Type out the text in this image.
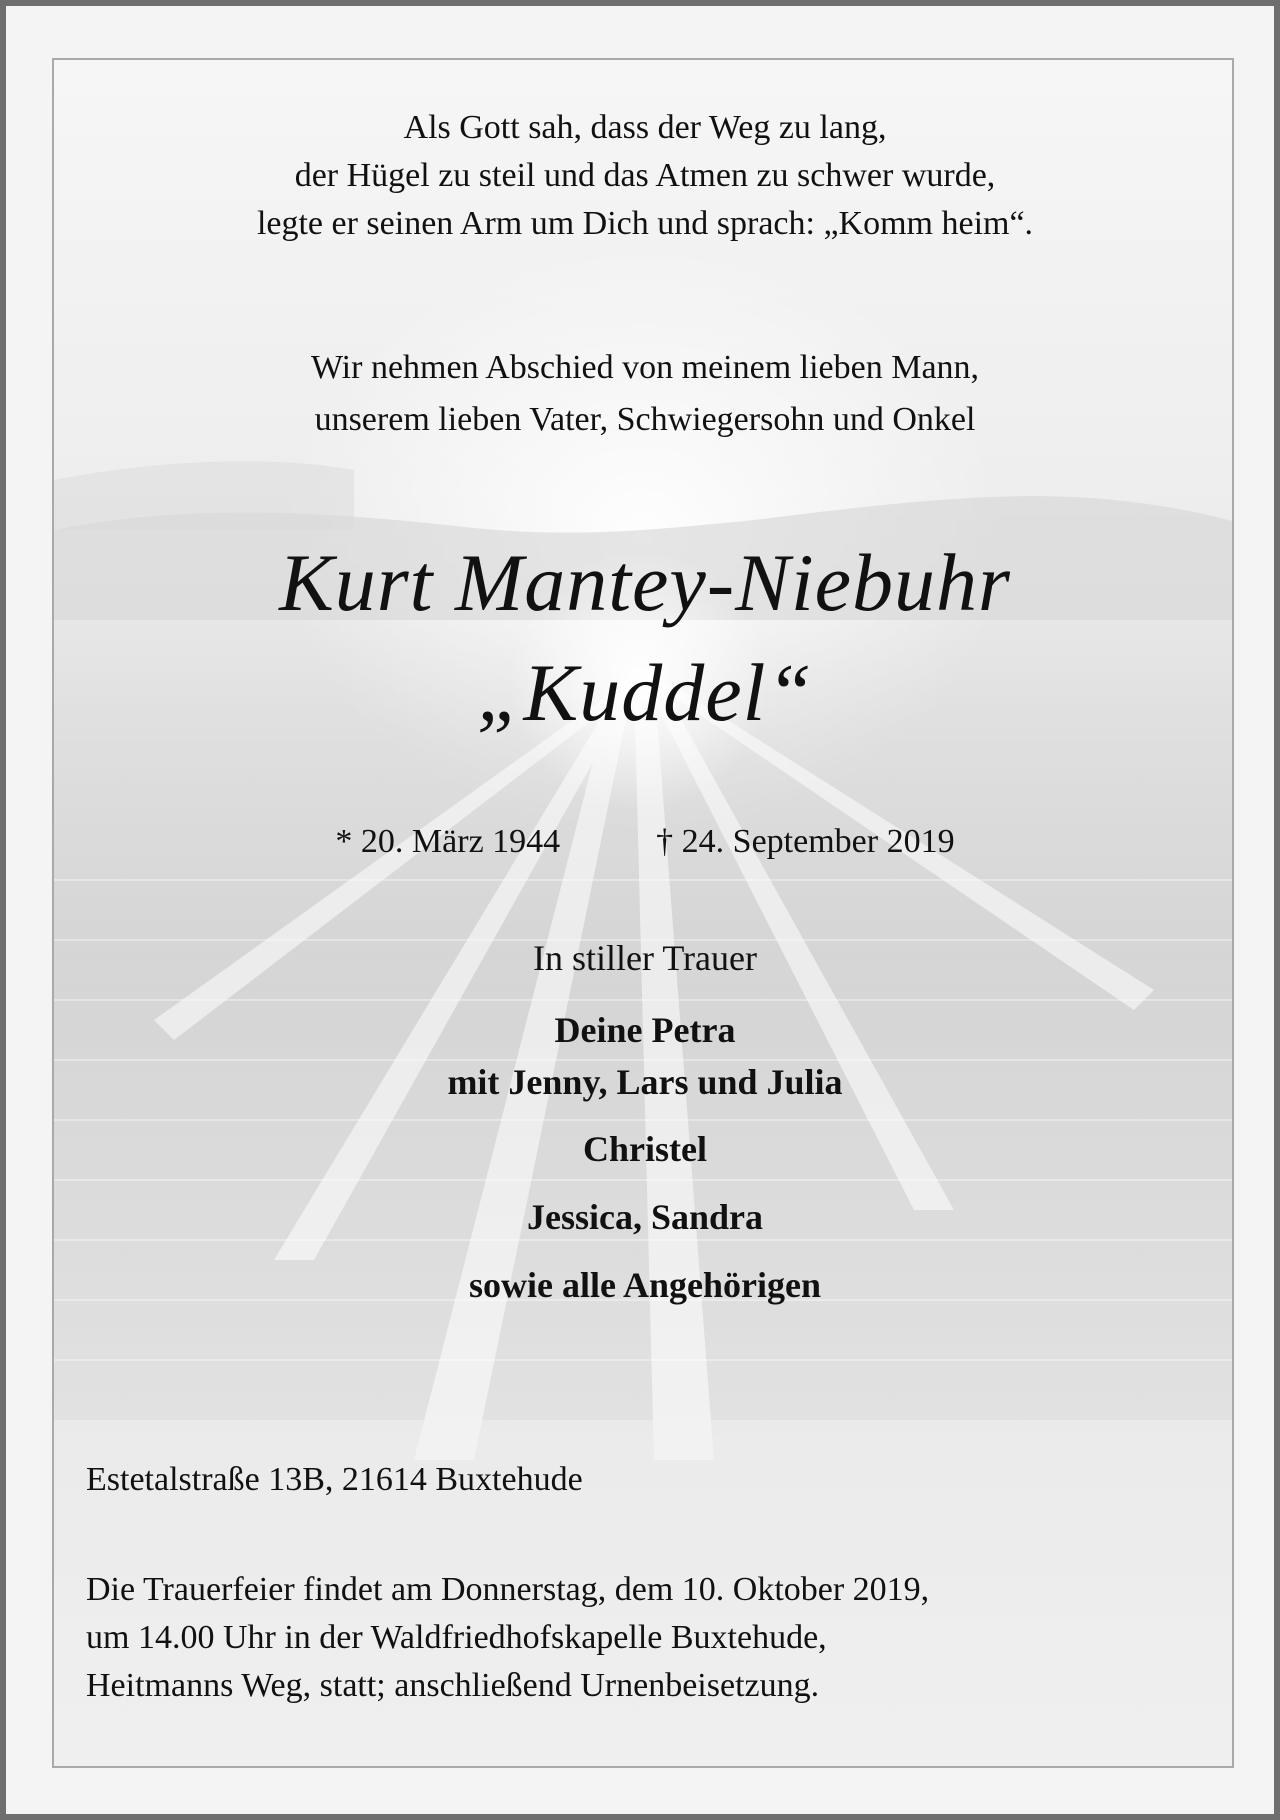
Als Gott sah, dass der Weg zu lang,
der Hügel zu steil und das Atmen zu schwer wurde,
legte er seinen Arm um Dich und sprach: „Komm heim“.
Wir nehmen Abschied von meinem lieben Mann,
unserem lieben Vater, Schwiegersohn und Onkel
Kurt Mantey-Niebuhr
„Kuddel“
* 20. März 1944	† 24. September 2019
In stiller Trauer
Deine Petra
mit Jenny, Lars und Julia
Christel
Jessica, Sandra
sowie alle Angehörigen
Estetalstraße 13B, 21614 Buxtehude
Die Trauerfeier findet am Donnerstag, dem 10. Oktober 2019,
um 14.00 Uhr in der Waldfriedhofskapelle Buxtehude,
Heitmanns Weg, statt; anschließend Urnenbeisetzung.
